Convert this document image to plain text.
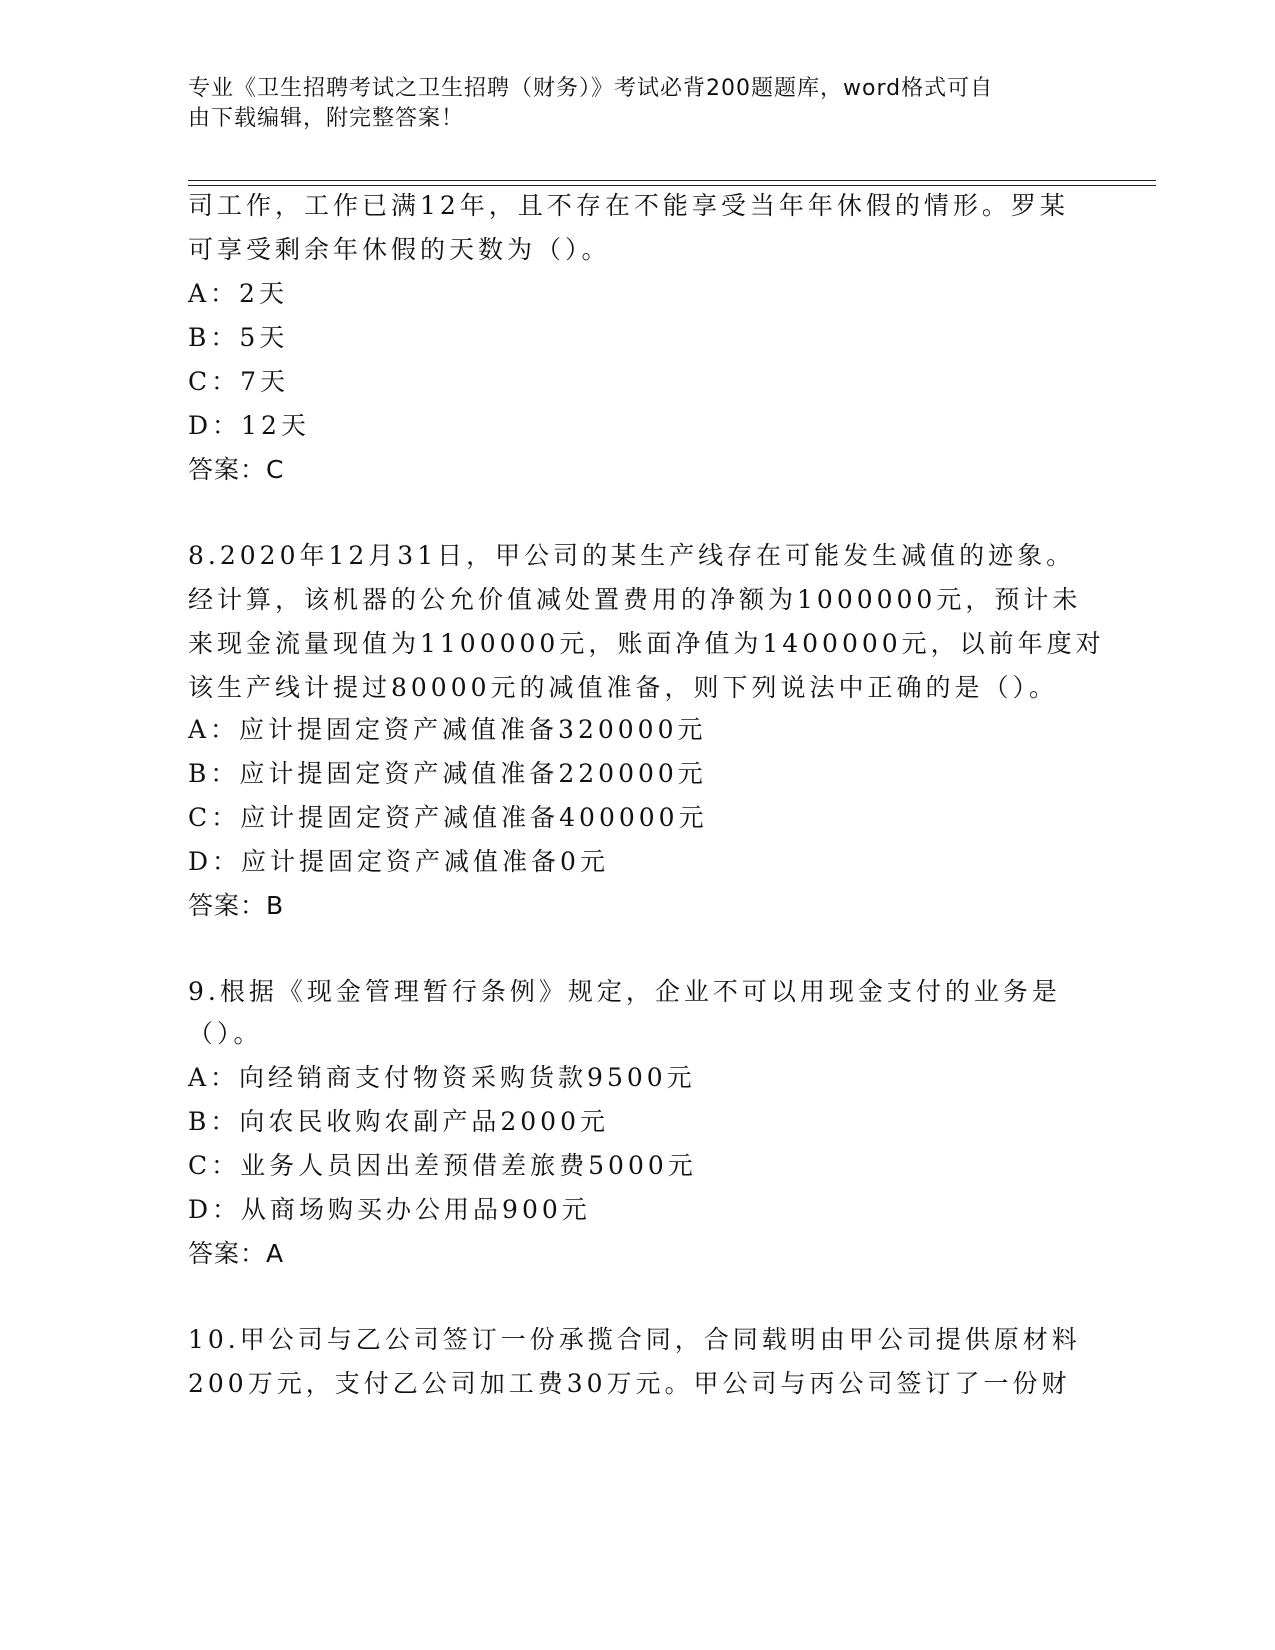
专业《卫生招聘考试之卫生招聘（财务）》考试必背200题题库，word格式可自
由下载编辑，附完整答案！
司工作，工作已满12年，且不存在不能享受当年年休假的情形。罗某
可享受剩余年休假的天数为（）。
A：2天
B：5天
C：7天
D：12天
答案：C
8.2020年12月31日，甲公司的某生产线存在可能发生减值的迹象。
经计算，该机器的公允价值减处置费用的净额为1000000元，预计未
来现金流量现值为1100000元，账面净值为1400000元，以前年度对
该生产线计提过80000元的减值准备，则下列说法中正确的是（）。
A：应计提固定资产减值准备320000元
B：应计提固定资产减值准备220000元
C：应计提固定资产减值准备400000元
D：应计提固定资产减值准备0元
答案：B
9.根据《现金管理暂行条例》规定，企业不可以用现金支付的业务是
（）。
A：向经销商支付物资采购货款9500元
B：向农民收购农副产品2000元
C：业务人员因出差预借差旅费5000元
D：从商场购买办公用品900元
答案：A
10.甲公司与乙公司签订一份承揽合同，合同载明由甲公司提供原材料
200万元，支付乙公司加工费30万元。甲公司与丙公司签订了一份财
